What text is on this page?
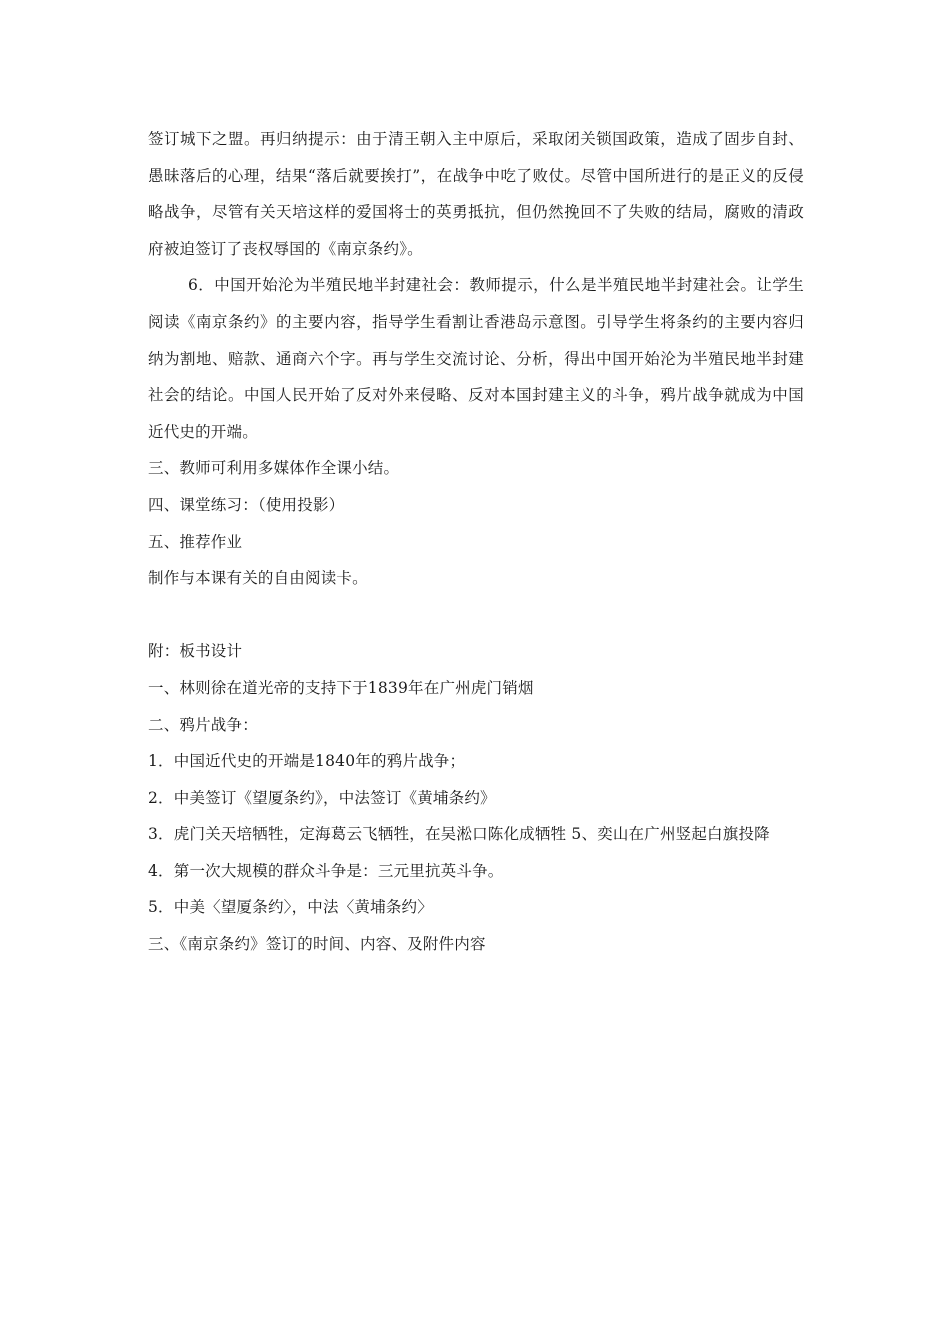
签订城下之盟。再归纳提示：由于清王朝入主中原后，采取闭关锁国政策，造成了固步自封、愚昧落后的心理，结果“落后就要挨打”，在战争中吃了败仗。尽管中国所进行的是正义的反侵略战争，尽管有关天培这样的爱国将士的英勇抵抗，但仍然挽回不了失败的结局，腐败的清政府被迫签订了丧权辱国的《南京条约》。

6．中国开始沦为半殖民地半封建社会：教师提示，什么是半殖民地半封建社会。让学生阅读《南京条约》的主要内容，指导学生看割让香港岛示意图。引导学生将条约的主要内容归纳为割地、赔款、通商六个字。再与学生交流讨论、分析，得出中国开始沦为半殖民地半封建社会的结论。中国人民开始了反对外来侵略、反对本国封建主义的斗争，鸦片战争就成为中国近代史的开端。

三、教师可利用多媒体作全课小结。

四、课堂练习：（使用投影）

五、推荐作业

制作与本课有关的自由阅读卡。

附：板书设计

一、林则徐在道光帝的支持下于1839年在广州虎门销烟

二、鸦片战争：

1．中国近代史的开端是1840年的鸦片战争；

2．中美签订《望厦条约》，中法签订《黄埔条约》

3．虎门关天培牺牲，定海葛云飞牺牲，在吴淞口陈化成牺牲 5、奕山在广州竖起白旗投降

4．第一次大规模的群众斗争是：三元里抗英斗争。

5．中美〈望厦条约〉，中法〈黄埔条约〉

三、《南京条约》签订的时间、内容、及附件内容
